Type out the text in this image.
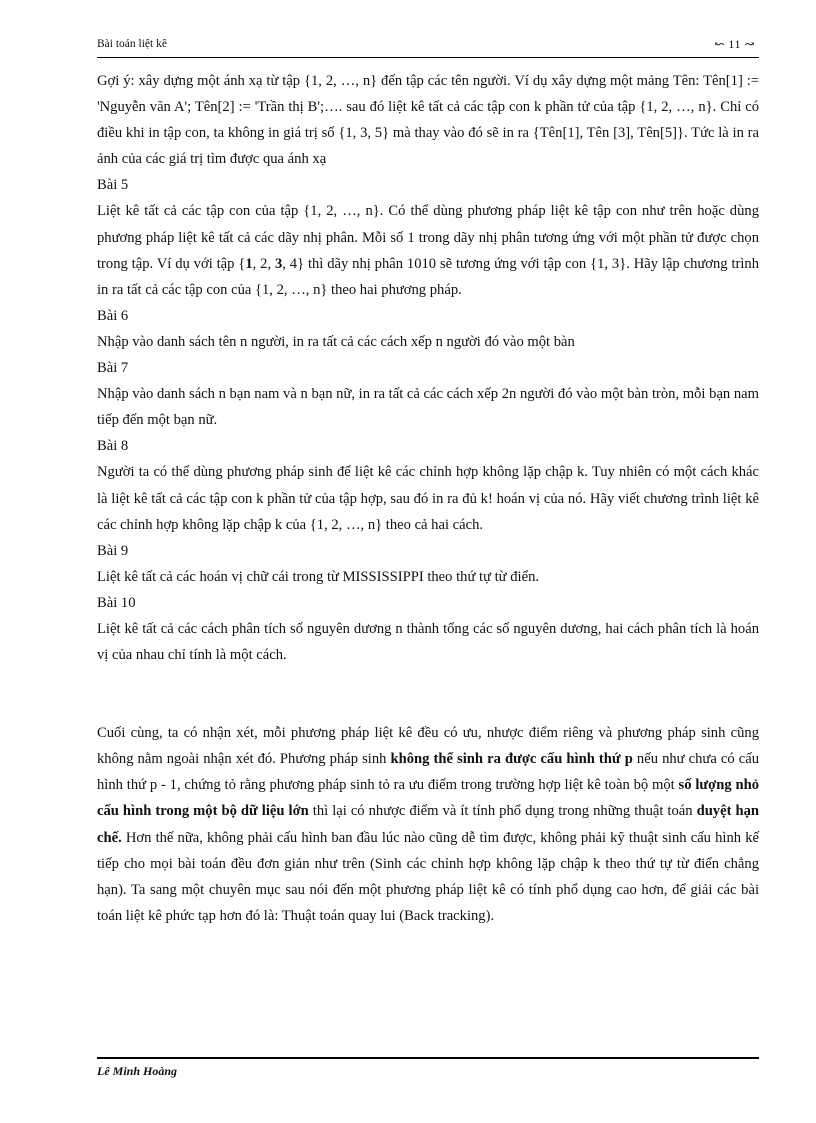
Bài toán liệt kê	↜ 11 ↝

Gợi ý: xây dựng một ánh xạ từ tập {1, 2, …, n} đến tập các tên người. Ví dụ xây dựng một mảng Tên: Tên[1] := 'Nguyễn văn A'; Tên[2] := 'Trần thị B';…. sau đó liệt kê tất cả các tập con k phần tử của tập {1, 2, …, n}. Chỉ có điều khi in tập con, ta không in giá trị số {1, 3, 5} mà thay vào đó sẽ in ra {Tên[1], Tên [3], Tên[5]}. Tức là in ra ảnh của các giá trị tìm được qua ánh xạ

Bài 5

Liệt kê tất cả các tập con của tập {1, 2, …, n}. Có thể dùng phương pháp liệt kê tập con như trên hoặc dùng phương pháp liệt kê tất cả các dãy nhị phân. Mỗi số 1 trong dãy nhị phân tương ứng với một phần tử được chọn trong tập. Ví dụ với tập {1, 2, 3, 4} thì dãy nhị phân 1010 sẽ tương ứng với tập con {1, 3}. Hãy lập chương trình in ra tất cả các tập con của {1, 2, …, n} theo hai phương pháp.

Bài 6

Nhập vào danh sách tên n người, in ra tất cả các cách xếp n người đó vào một bàn

Bài 7

Nhập vào danh sách n bạn nam và n bạn nữ, in ra tất cả các cách xếp 2n người đó vào một bàn tròn, mỗi bạn nam tiếp đến một bạn nữ.

Bài 8

Người ta có thể dùng phương pháp sinh để liệt kê các chỉnh hợp không lặp chập k. Tuy nhiên có một cách khác là liệt kê tất cả các tập con k phần tử của tập hợp, sau đó in ra đủ k! hoán vị của nó. Hãy viết chương trình liệt kê các chỉnh hợp không lặp chập k của {1, 2, …, n} theo cả hai cách.

Bài 9

Liệt kê tất cả các hoán vị chữ cái trong từ MISSISSIPPI theo thứ tự từ điển.

Bài 10

Liệt kê tất cả các cách phân tích số nguyên dương n thành tổng các số nguyên dương, hai cách phân tích là hoán vị của nhau chỉ tính là một cách.

Cuối cùng, ta có nhận xét, mỗi phương pháp liệt kê đều có ưu, nhược điểm riêng và phương pháp sinh cũng không nằm ngoài nhận xét đó. Phương pháp sinh không thể sinh ra được cấu hình thứ p nếu như chưa có cấu hình thứ p - 1, chứng tỏ rằng phương pháp sinh tỏ ra ưu điểm trong trường hợp liệt kê toàn bộ một số lượng nhỏ cấu hình trong một bộ dữ liệu lớn thì lại có nhược điểm và ít tính phổ dụng trong những thuật toán duyệt hạn chế. Hơn thế nữa, không phải cấu hình ban đầu lúc nào cũng dễ tìm được, không phải kỹ thuật sinh cấu hình kế tiếp cho mọi bài toán đều đơn giản như trên (Sinh các chỉnh hợp không lặp chập k theo thứ tự từ điển chẳng hạn). Ta sang một chuyên mục sau nói đến một phương pháp liệt kê có tính phổ dụng cao hơn, để giải các bài toán liệt kê phức tạp hơn đó là: Thuật toán quay lui (Back tracking).

Lê Minh Hoàng
